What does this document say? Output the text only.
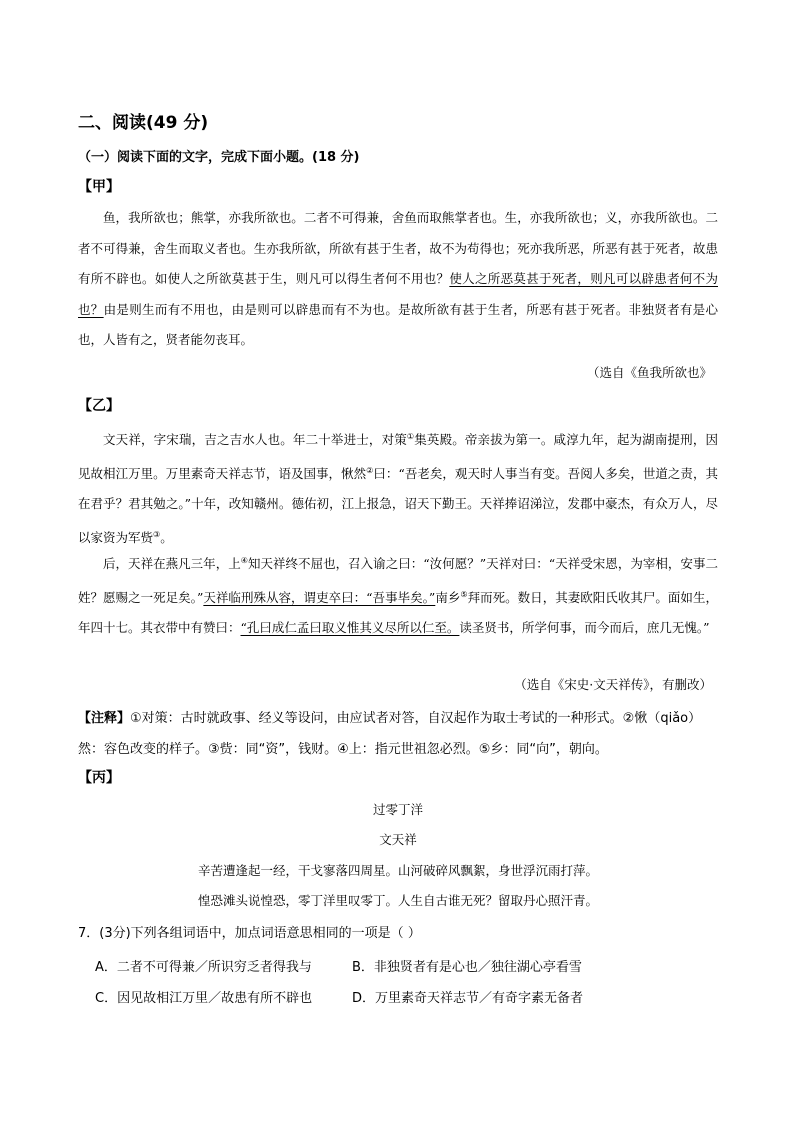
二、阅读(49 分)
（一）阅读下面的文字，完成下面小题。(18 分)
【甲】

鱼，我所欲也；熊掌，亦我所欲也。二者不可得兼，舍鱼而取熊掌者也。生，亦我所欲也；义，亦我所欲也。二者不可得兼，舍生而取义者也。生亦我所欲，所欲有甚于生者，故不为苟得也；死亦我所恶，所恶有甚于死者，故患有所不辟也。如使人之所欲莫甚于生，则凡可以得生者何不用也？使人之所恶莫甚于死者，则凡可以辟患者何不为也？由是则生而有不用也，由是则可以辟患而有不为也。是故所欲有甚于生者，所恶有甚于死者。非独贤者有是心也，人皆有之，贤者能勿丧耳。

（选自《鱼我所欲也》
【乙】

文天祥，字宋瑞，吉之吉水人也。年二十举进士，对策①集英殿。帝亲拔为第一。咸淳九年，起为湖南提刑，因见故相江万里。万里素奇天祥志节，语及国事，愀然②曰：“吾老矣，观天时人事当有变。吾阅人多矣，世道之责，其在君乎？君其勉之。”十年，改知赣州。德佑初，江上报急，诏天下勤王。天祥捧诏涕泣，发郡中豪杰，有众万人，尽以家资为军赀③。

后，天祥在燕凡三年，上④知天祥终不屈也，召入谕之曰：“汝何愿？”天祥对曰：“天祥受宋恩，为宰相，安事二姓？愿赐之一死足矣。”天祥临刑殊从容，谓吏卒曰：“吾事毕矣。”南乡⑤拜而死。数日，其妻欧阳氏收其尸。面如生，年四十七。其衣带中有赞曰：“孔曰成仁孟曰取义惟其义尽所以仁至。读圣贤书，所学何事，而今而后，庶几无愧。”

（选自《宋史·文天祥传》，有删改）

【注释】①对策：古时就政事、经义等设问，由应试者对答，自汉起作为取士考试的一种形式。②愀（qiǎo）然：容色改变的样子。③赀：同“资”，钱财。④上：指元世祖忽必烈。⑤乡：同“向”，朝向。

【丙】
过零丁洋
文天祥
辛苦遭逢起一经，干戈寥落四周星。山河破碎风飘絮，身世浮沉雨打萍。
惶恐滩头说惶恐，零丁洋里叹零丁。人生自古谁无死？留取丹心照汗青。
7．(3分)下列各组词语中，加点词语意思相同的一项是（ ）
A．二者不可得兼／所识穷乏者得我与	B．非独贤者有是心也／独往湖心亭看雪
C．因见故相江万里／故患有所不辟也	D．万里素奇天祥志节／有奇字素无备者
